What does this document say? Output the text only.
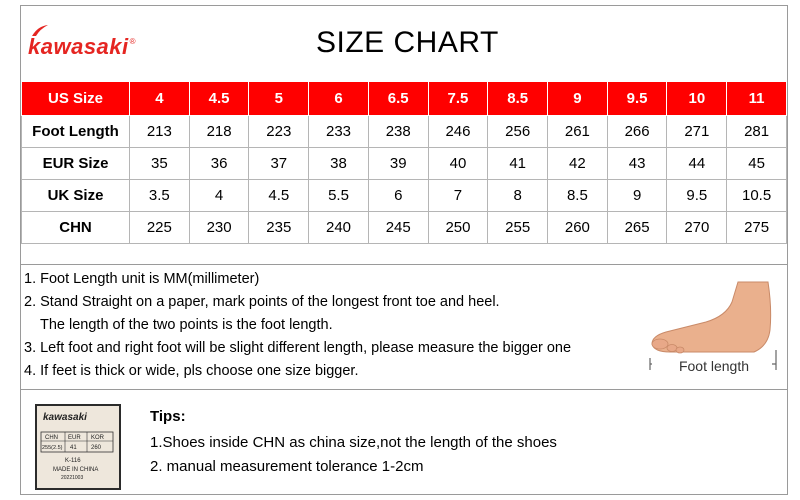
kawasaki ®	SIZE CHART
US Size	4	4.5	5	6	6.5	7.5	8.5	9	9.5	10	11
Foot Length	213	218	223	233	238	246	256	261	266	271	281
EUR Size	35	36	37	38	39	40	41	42	43	44	45
UK Size	3.5	4	4.5	5.5	6	7	8	8.5	9	9.5	10.5
CHN	225	230	235	240	245	250	255	260	265	270	275
1. Foot Length unit is MM(millimeter)
2. Stand Straight on a paper, mark points of the longest front toe and heel.
The length of the two points is the foot length.
3. Left foot and right foot will be slight different length, please measure the bigger one
4. If feet is thick or wide, pls choose one size bigger.	Foot length
kawasaki
CHN EUR KOR
255(2.5) 41 260
K-116
MADE IN CHINA
20221003
Tips:
1.Shoes inside CHN as china size,not the length of the shoes
2. manual measurement tolerance 1-2cm
